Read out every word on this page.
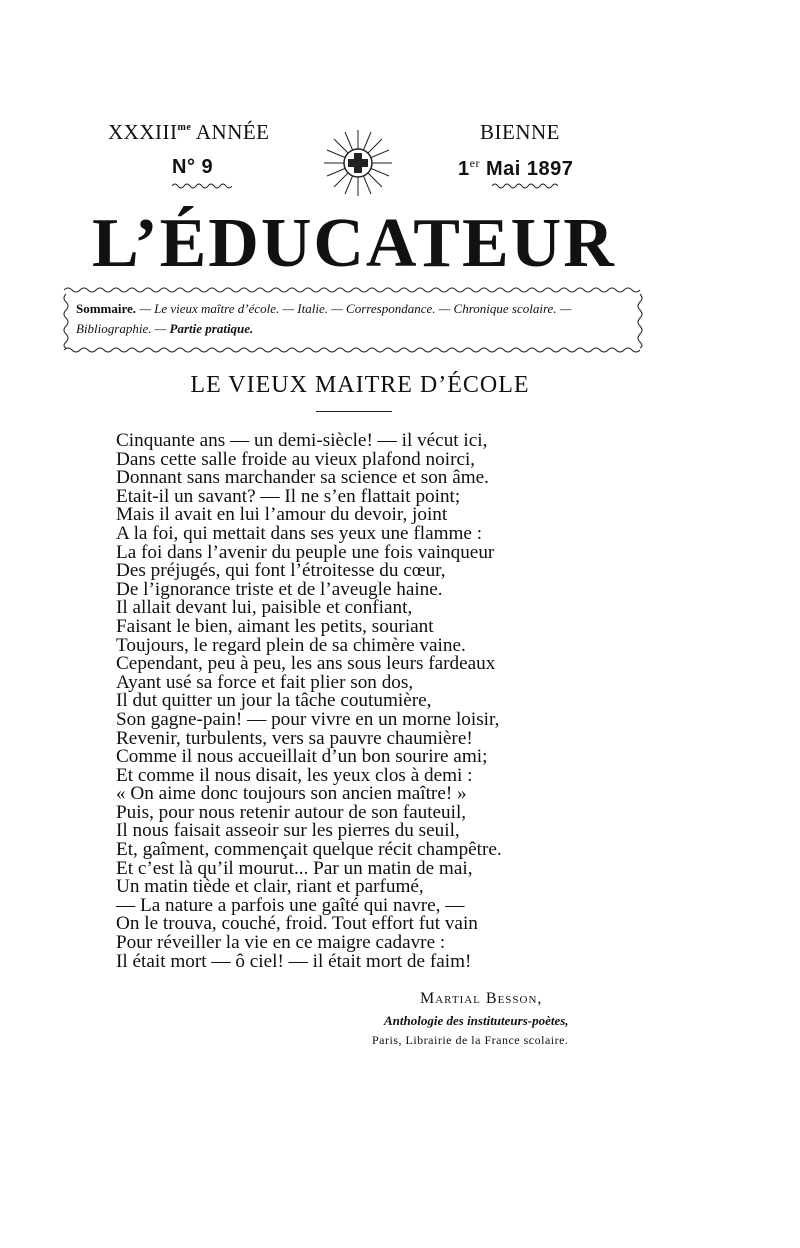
$XXXIII^{me}$ ANNÉE
N° 9
BIENNE
1er Mai 1897
L’ÉDUCATEUR
Sommaire. — Le vieux maître d’école. — Italie. — Correspondance. — Chronique scolaire. — Bibliographie. — Partie pratique.
LE VIEUX MAITRE D’ÉCOLE
Cinquante ans — un demi-siècle! — il vécut ici,
Dans cette salle froide au vieux plafond noirci,
Donnant sans marchander sa science et son âme.
Etait-il un savant? — Il ne s’en flattait point;
Mais il avait en lui l’amour du devoir, joint
A la foi, qui mettait dans ses yeux une flamme :
La foi dans l’avenir du peuple une fois vainqueur
Des préjugés, qui font l’étroitesse du cœur,
De l’ignorance triste et de l’aveugle haine.
Il allait devant lui, paisible et confiant,
Faisant le bien, aimant les petits, souriant
Toujours, le regard plein de sa chimère vaine.
Cependant, peu à peu, les ans sous leurs fardeaux
Ayant usé sa force et fait plier son dos,
Il dut quitter un jour la tâche coutumière,
Son gagne-pain! — pour vivre en un morne loisir,
Revenir, turbulents, vers sa pauvre chaumière!
Comme il nous accueillait d’un bon sourire ami;
Et comme il nous disait, les yeux clos à demi :
« On aime donc toujours son ancien maître! »
Puis, pour nous retenir autour de son fauteuil,
Il nous faisait asseoir sur les pierres du seuil,
Et, gaîment, commençait quelque récit champêtre.
Et c’est là qu’il mourut... Par un matin de mai,
Un matin tiède et clair, riant et parfumé,
— La nature a parfois une gaîté qui navre, —
On le trouva, couché, froid. Tout effort fut vain
Pour réveiller la vie en ce maigre cadavre :
Il était mort — ô ciel! — il était mort de faim!
Martial Besson,
Anthologie des instituteurs-poètes,
Paris, Librairie de la France scolaire.
